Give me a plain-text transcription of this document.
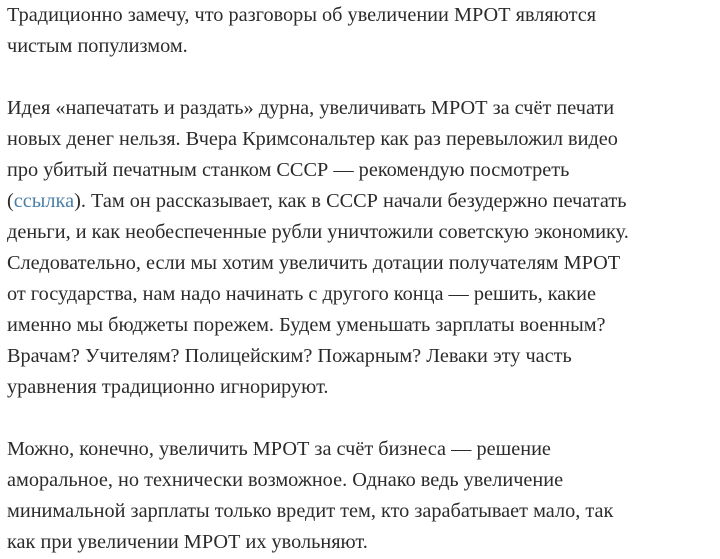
Традиционно замечу, что разговоры об увеличении МРОТ являются
чистым популизмом.

Идея «напечатать и раздать» дурна, увеличивать МРОТ за счёт печати
новых денег нельзя. Вчера Кримсональтер как раз перевыложил видео
про убитый печатным станком СССР — рекомендую посмотреть
(ссылка). Там он рассказывает, как в СССР начали безудержно печатать
деньги, и как необеспеченные рубли уничтожили советскую экономику.
Следовательно, если мы хотим увеличить дотации получателям МРОТ
от государства, нам надо начинать с другого конца — решить, какие
именно мы бюджеты порежем. Будем уменьшать зарплаты военным?
Врачам? Учителям? Полицейским? Пожарным? Леваки эту часть
уравнения традиционно игнорируют.

Можно, конечно, увеличить МРОТ за счёт бизнеса — решение
аморальное, но технически возможное. Однако ведь увеличение
минимальной зарплаты только вредит тем, кто зарабатывает мало, так
как при увеличении МРОТ их увольняют.
